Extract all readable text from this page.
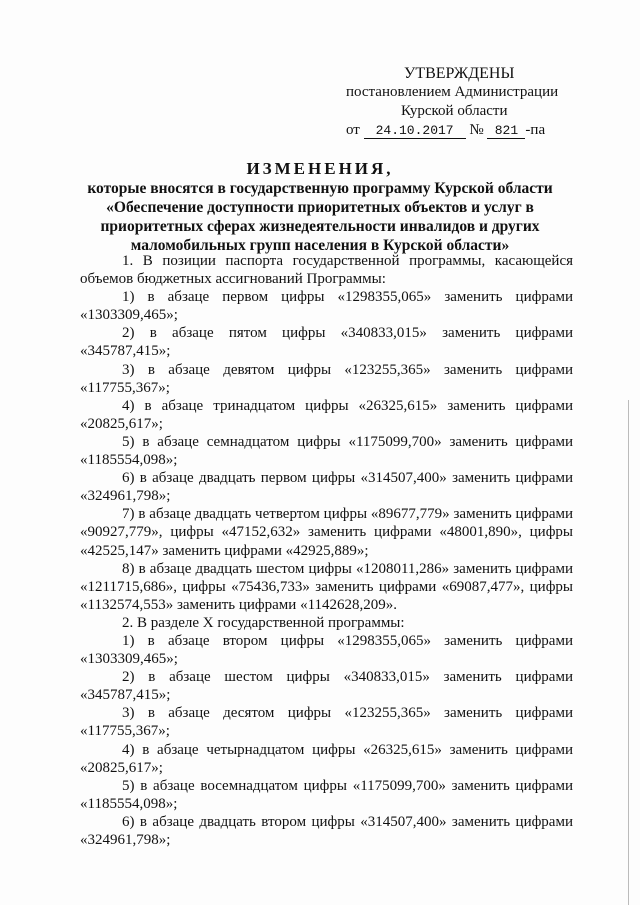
УТВЕРЖДЕНЫ
постановлением Администрации
Курской области
от 24.10.2017 № 821 -па
ИЗМЕНЕНИЯ,
которые вносятся в государственную программу Курской области
«Обеспечение доступности приоритетных объектов и услуг в
приоритетных сферах жизнедеятельности инвалидов и других
маломобильных групп населения в Курской области»

1. В позиции паспорта государственной программы, касающейся объемов бюджетных ассигнований Программы:

1) в абзаце первом цифры «1298355,065» заменить цифрами «1303309,465»;

2) в абзаце пятом цифры «340833,015» заменить цифрами «345787,415»;

3) в абзаце девятом цифры «123255,365» заменить цифрами «117755,367»;

4) в абзаце тринадцатом цифры «26325,615» заменить цифрами «20825,617»;

5) в абзаце семнадцатом цифры «1175099,700» заменить цифрами «1185554,098»;

6) в абзаце двадцать первом цифры «314507,400» заменить цифрами «324961,798»;

7) в абзаце двадцать четвертом цифры «89677,779» заменить цифрами «90927,779», цифры «47152,632» заменить цифрами «48001,890», цифры «42525,147» заменить цифрами «42925,889»;

8) в абзаце двадцать шестом цифры «1208011,286» заменить цифрами «1211715,686», цифры «75436,733» заменить цифрами «69087,477», цифры «1132574,553» заменить цифрами «1142628,209».

2. В разделе X государственной программы:

1) в абзаце втором цифры «1298355,065» заменить цифрами «1303309,465»;

2) в абзаце шестом цифры «340833,015» заменить цифрами «345787,415»;

3) в абзаце десятом цифры «123255,365» заменить цифрами «117755,367»;

4) в абзаце четырнадцатом цифры «26325,615» заменить цифрами «20825,617»;

5) в абзаце восемнадцатом цифры «1175099,700» заменить цифрами «1185554,098»;

6) в абзаце двадцать втором цифры «314507,400» заменить цифрами «324961,798»;
